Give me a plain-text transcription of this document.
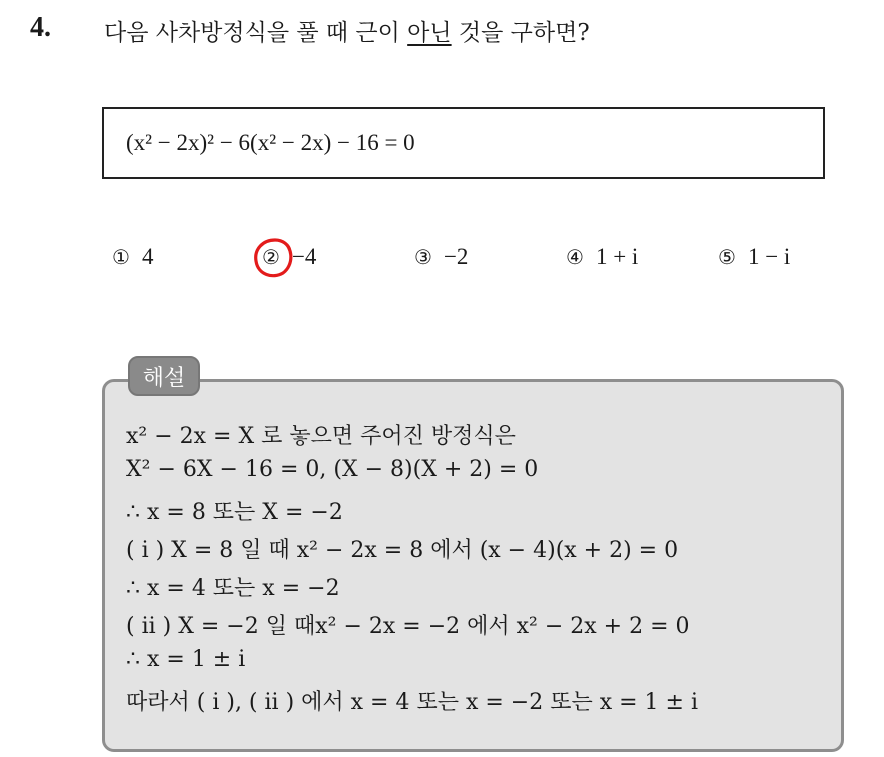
4. 다음 사차방정식을 풀 때 근이 아닌 것을 구하면?
(x² − 2x)² − 6(x² − 2x) − 16 = 0
① 4	② −4	③ −2	④ 1 + i	⑤ 1 − i
해설
x² − 2x = X 로 놓으면 주어진 방정식은
X² − 6X − 16 = 0, (X − 8)(X + 2) = 0
∴ x = 8 또는 X = −2
( i ) X = 8 일 때 x² − 2x = 8 에서 (x − 4)(x + 2) = 0
∴ x = 4 또는 x = −2
( ii ) X = −2 일 때x² − 2x = −2 에서 x² − 2x + 2 = 0
∴ x = 1 ± i
따라서 ( i ), ( ii ) 에서 x = 4 또는 x = −2 또는 x = 1 ± i
